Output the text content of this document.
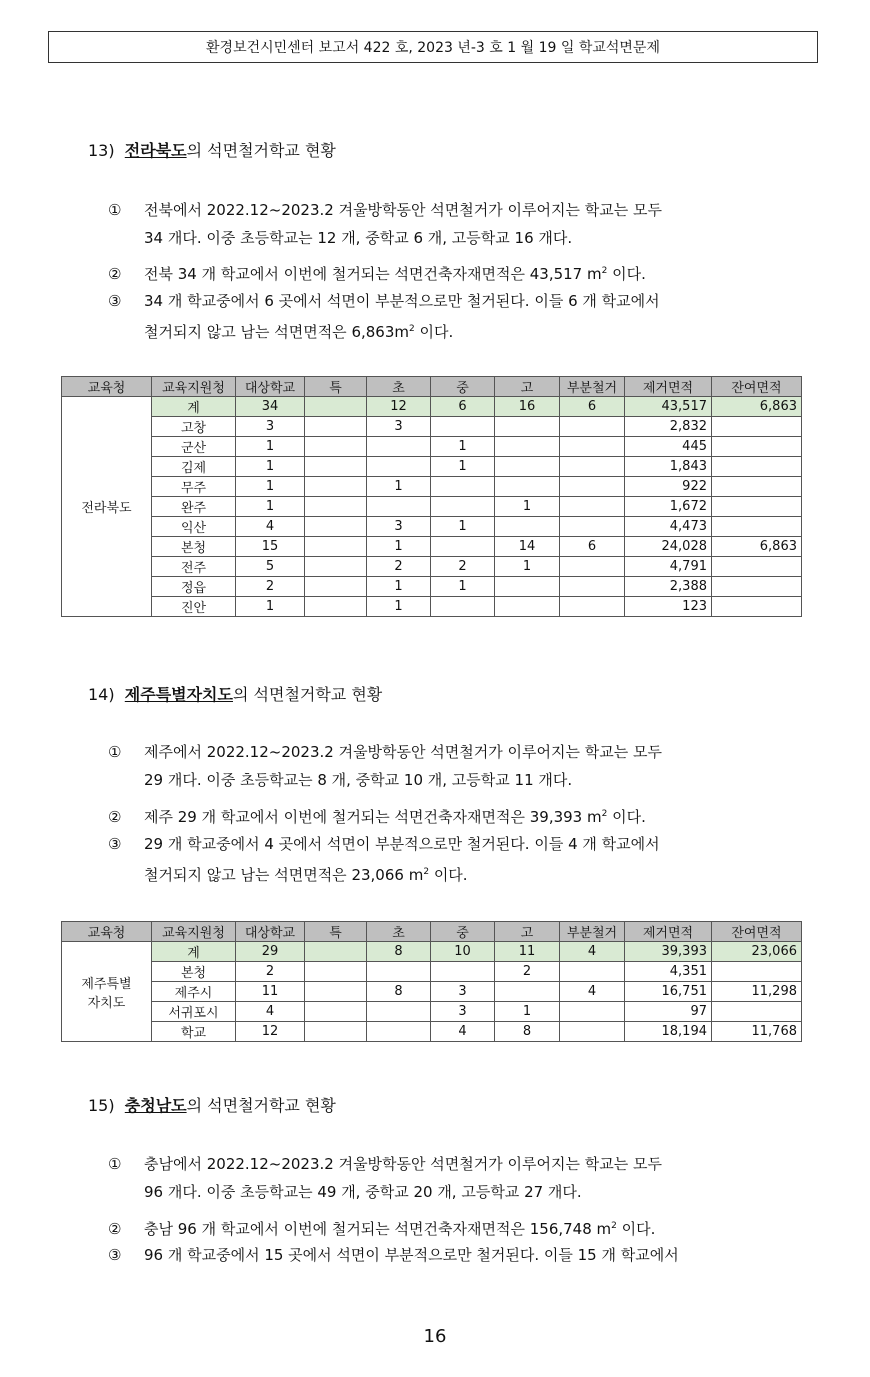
환경보건시민센터 보고서 422 호, 2023 년-3 호 1 월 19 일 학교석면문제
13) 전라북도의 석면철거학교 현황
① 전북에서 2022.12~2023.2 겨울방학동안 석면철거가 이루어지는 학교는 모두
34 개다. 이중 초등학교는 12 개, 중학교 6 개, 고등학교 16 개다.
② 전북 34 개 학교에서 이번에 철거되는 석면건축자재면적은 43,517 $m^2$ 이다.
③ 34 개 학교중에서 6 곳에서 석면이 부분적으로만 철거된다. 이들 6 개 학교에서
철거되지 않고 남는 석면면적은 $6,863m^2$ 이다.
교육청	교육지원청	대상학교	특	초	중	고	부분철거	제거면적	잔여면적
전라북도	계	34		12	6	16	6	43,517	6,863
	고창	3		3				2,832	
	군산	1			1			445	
	김제	1			1			1,843	
	무주	1		1				922	
	완주	1				1		1,672	
	익산	4		3	1			4,473	
	본청	15		1		14	6	24,028	6,863
	전주	5		2	2	1		4,791	
	정읍	2		1	1			2,388	
	진안	1		1				123	
14) 제주특별자치도의 석면철거학교 현황
① 제주에서 2022.12~2023.2 겨울방학동안 석면철거가 이루어지는 학교는 모두
29 개다. 이중 초등학교는 8 개, 중학교 10 개, 고등학교 11 개다.
② 제주 29 개 학교에서 이번에 철거되는 석면건축자재면적은 39,393 $m^2$ 이다.
③ 29 개 학교중에서 4 곳에서 석면이 부분적으로만 철거된다. 이들 4 개 학교에서
철거되지 않고 남는 석면면적은 23,066 $m^2$ 이다.
교육청	교육지원청	대상학교	특	초	중	고	부분철거	제거면적	잔여면적
제주특별
자치도	계	29		8	10	11	4	39,393	23,066
	본청	2				2		4,351	
	제주시	11		8	3		4	16,751	11,298
	서귀포시	4			3	1		97	
	학교	12			4	8		18,194	11,768
15) 충청남도의 석면철거학교 현황
① 충남에서 2022.12~2023.2 겨울방학동안 석면철거가 이루어지는 학교는 모두
96 개다. 이중 초등학교는 49 개, 중학교 20 개, 고등학교 27 개다.
② 충남 96 개 학교에서 이번에 철거되는 석면건축자재면적은 156,748 $m^2$ 이다.
③ 96 개 학교중에서 15 곳에서 석면이 부분적으로만 철거된다. 이들 15 개 학교에서
16
